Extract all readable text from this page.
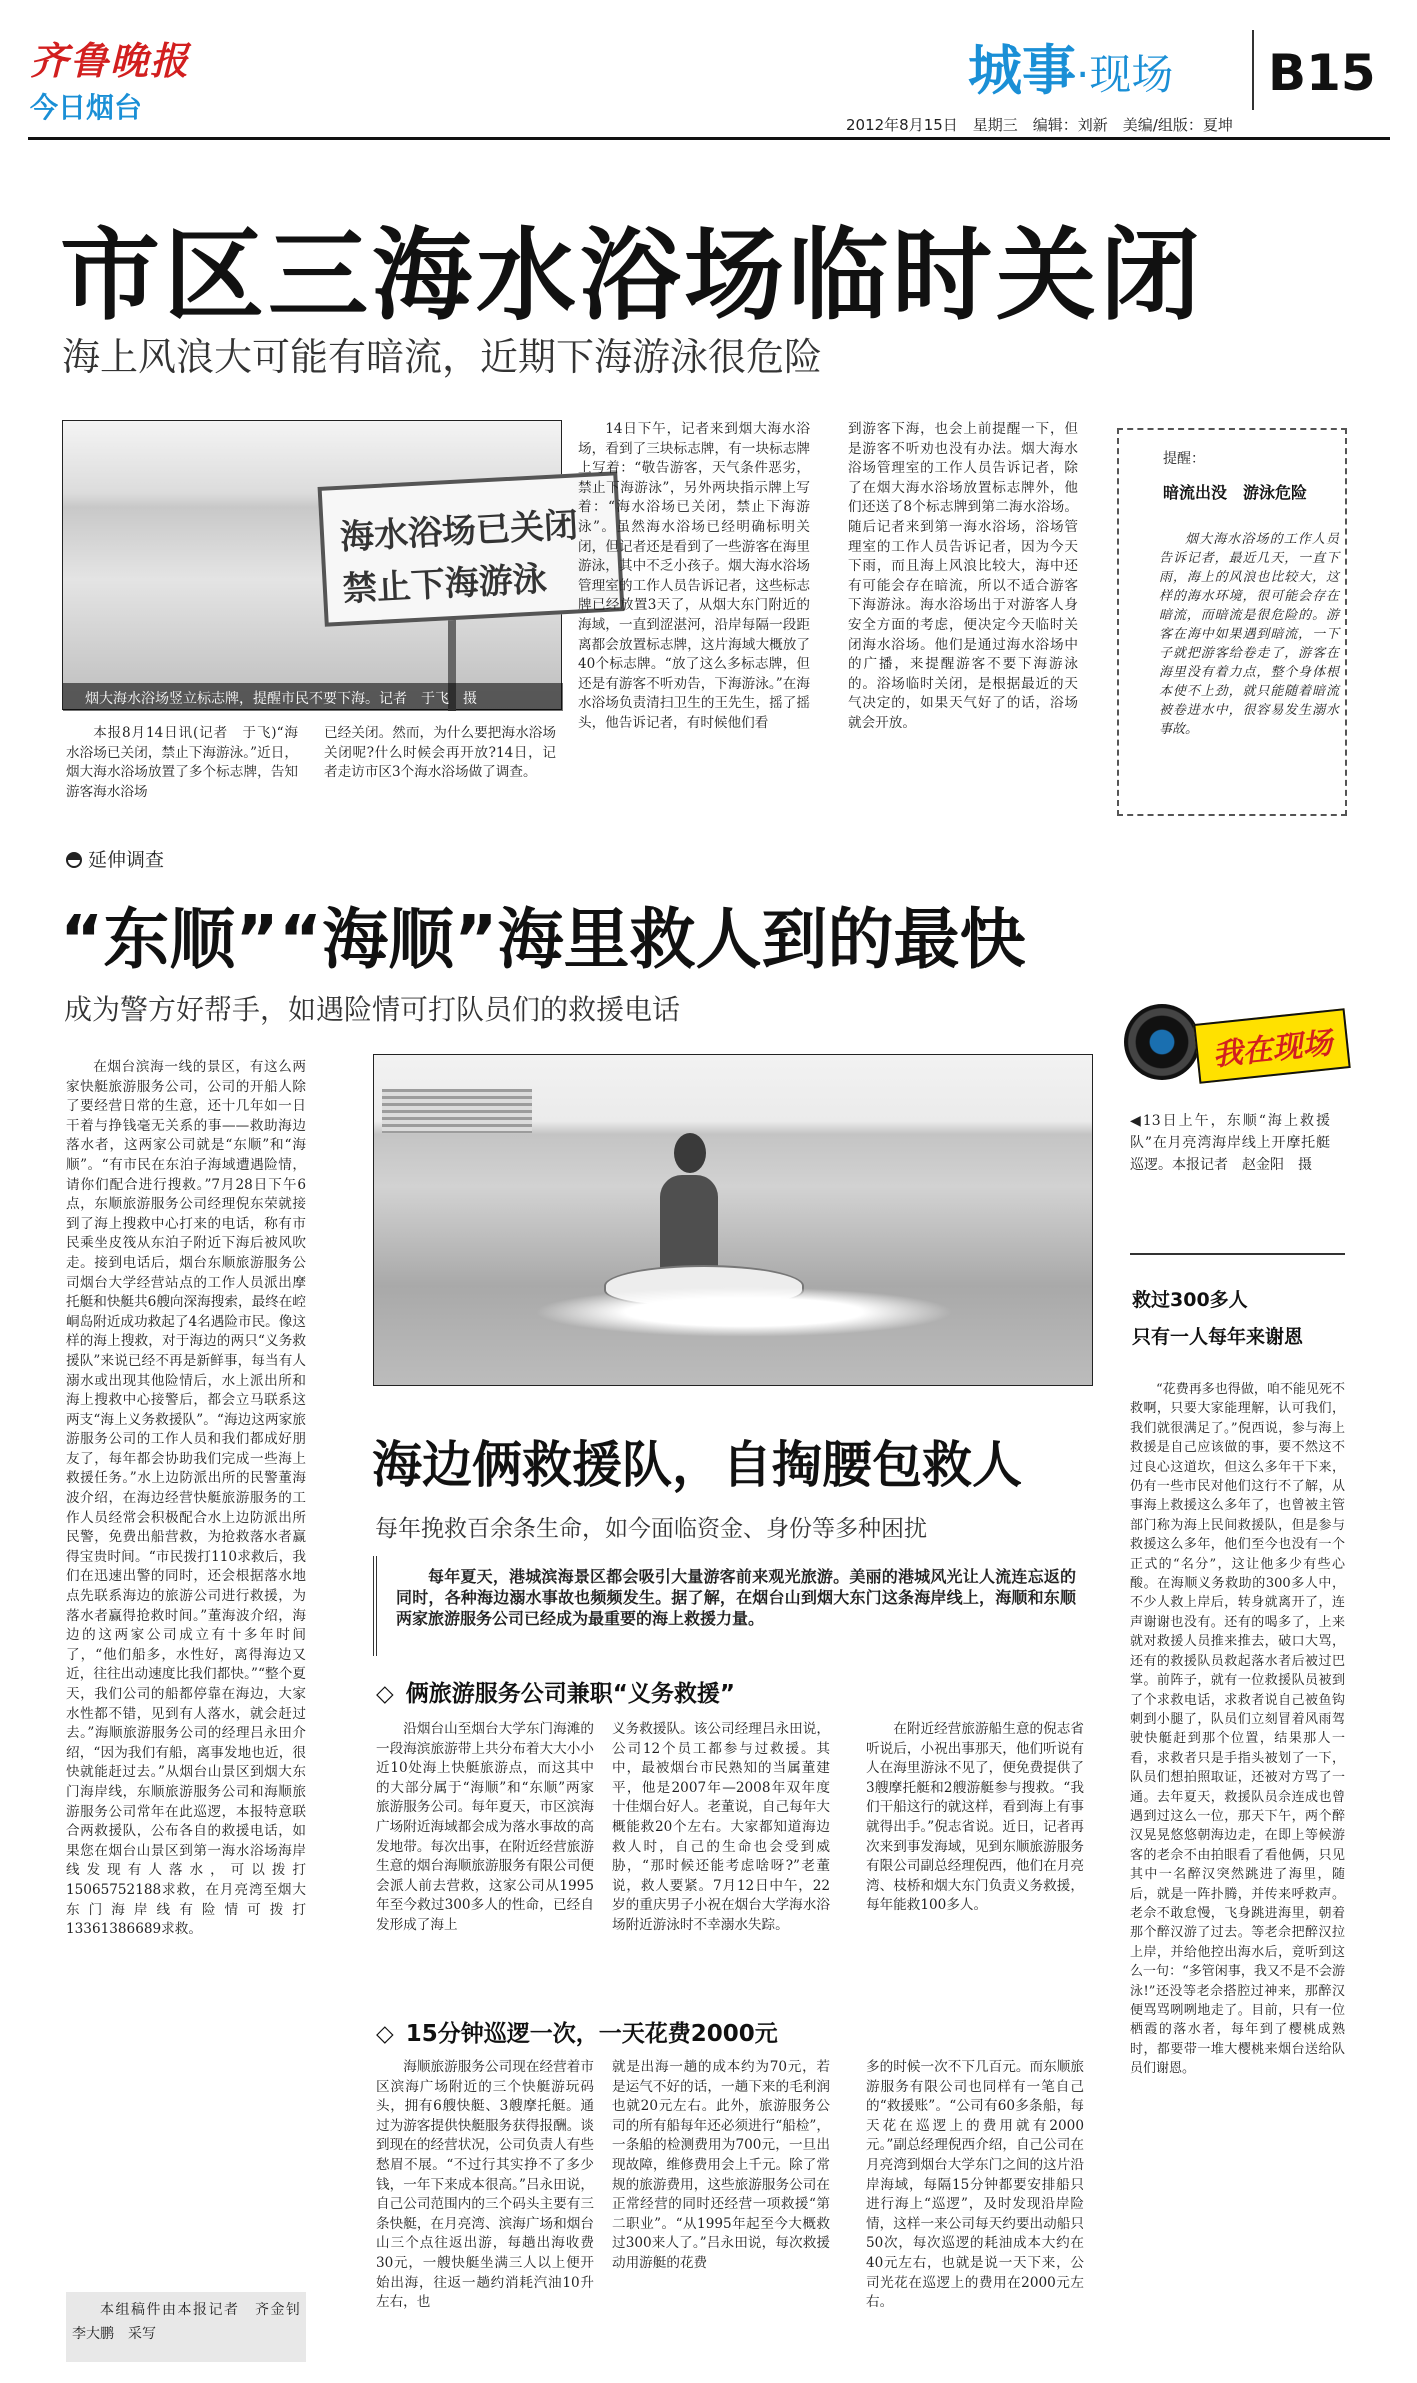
齐鲁晚报
今日烟台
城事·现场 B15
2012年8月15日　星期三　编辑：刘新　美编/组版：夏坤
市区三海水浴场临时关闭
海上风浪大可能有暗流，近期下海游泳很危险
海水浴场已关闭
禁止下海游泳
烟大海水浴场竖立标志牌，提醒市民不要下海。记者　于飞　摄

本报8月14日讯(记者　于飞)“海水浴场已关闭，禁止下海游泳。”近日，烟大海水浴场放置了多个标志牌，告知游客海水浴场

已经关闭。然而，为什么要把海水浴场关闭呢?什么时候会再开放?14日，记者走访市区3个海水浴场做了调查。

14日下午，记者来到烟大海水浴场，看到了三块标志牌，有一块标志牌上写着：“敬告游客，天气条件恶劣，禁止下海游泳”，另外两块指示牌上写着：“海水浴场已关闭，禁止下海游泳”。虽然海水浴场已经明确标明关闭，但记者还是看到了一些游客在海里游泳，其中不乏小孩子。烟大海水浴场管理室的工作人员告诉记者，这些标志牌已经放置3天了，从烟大东门附近的海域，一直到涩湛河，沿岸每隔一段距离都会放置标志牌，这片海域大概放了40个标志牌。“放了这么多标志牌，但还是有游客不听劝告，下海游泳。”在海水浴场负责清扫卫生的王先生，摇了摇头，他告诉记者，有时候他们看

到游客下海，也会上前提醒一下，但是游客不听劝也没有办法。烟大海水浴场管理室的工作人员告诉记者，除了在烟大海水浴场放置标志牌外，他们还送了8个标志牌到第二海水浴场。随后记者来到第一海水浴场，浴场管理室的工作人员告诉记者，因为今天下雨，而且海上风浪比较大，海中还有可能会存在暗流，所以不适合游客下海游泳。海水浴场出于对游客人身安全方面的考虑，便决定今天临时关闭海水浴场。他们是通过海水浴场中的广播，来提醒游客不要下海游泳的。浴场临时关闭，是根据最近的天气决定的，如果天气好了的话，浴场就会开放。

提醒：
暗流出没　游泳危险

烟大海水浴场的工作人员告诉记者，最近几天，一直下雨，海上的风浪也比较大，这样的海水环境，很可能会存在暗流，而暗流是很危险的。游客在海中如果遇到暗流，一下子就把游客给卷走了，游客在海里没有着力点，整个身体根本使不上劲，就只能随着暗流被卷进水中，很容易发生溺水事故。

延伸调查
“东顺”“海顺”海里救人到的最快
成为警方好帮手，如遇险情可打队员们的救援电话
我在现场

在烟台滨海一线的景区，有这么两家快艇旅游服务公司，公司的开船人除了要经营日常的生意，还十几年如一日干着与挣钱毫无关系的事——救助海边落水者，这两家公司就是“东顺”和“海顺”。“有市民在东泊子海域遭遇险情，请你们配合进行搜救。”7月28日下午6点，东顺旅游服务公司经理倪东荣就接到了海上搜救中心打来的电话，称有市民乘坐皮筏从东泊子附近下海后被风吹走。接到电话后，烟台东顺旅游服务公司烟台大学经营站点的工作人员派出摩托艇和快艇共6艘向深海搜索，最终在崆峒岛附近成功救起了4名遇险市民。像这样的海上搜救，对于海边的两只“义务救援队”来说已经不再是新鲜事，每当有人溺水或出现其他险情后，水上派出所和海上搜救中心接警后，都会立马联系这两支“海上义务救援队”。“海边这两家旅游服务公司的工作人员和我们都成好朋友了，每年都会协助我们完成一些海上救援任务。”水上边防派出所的民警董海波介绍，在海边经营快艇旅游服务的工作人员经常会积极配合水上边防派出所民警，免费出船营救，为抢救落水者赢得宝贵时间。“市民拨打110求救后，我们在迅速出警的同时，还会根据落水地点先联系海边的旅游公司进行救援，为落水者赢得抢救时间。”董海波介绍，海边的这两家公司成立有十多年时间了，“他们船多，水性好，离得海边又近，往往出动速度比我们都快。”“整个夏天，我们公司的船都停靠在海边，大家水性都不错，见到有人落水，就会赶过去。”海顺旅游服务公司的经理吕永田介绍，“因为我们有船，离事发地也近，很快就能赶过去。”从烟台山景区到烟大东门海岸线，东顺旅游服务公司和海顺旅游服务公司常年在此巡逻，本报特意联合两救援队，公布各自的救援电话，如果您在烟台山景区到第一海水浴场海岸线发现有人落水，可以拨打15065752188求救，在月亮湾至烟大东门海岸线有险情可拨打13361386689求救。

本组稿件由本报记者　齐金钊　李大鹏　采写

◀13日上午，东顺“海上救援队”在月亮湾海岸线上开摩托艇巡逻。本报记者　赵金阳　摄

海边俩救援队，自掏腰包救人
每年挽救百余条生命，如今面临资金、身份等多种困扰

每年夏天，港城滨海景区都会吸引大量游客前来观光旅游。美丽的港城风光让人流连忘返的同时，各种海边溺水事故也频频发生。据了解，在烟台山到烟大东门这条海岸线上，海顺和东顺两家旅游服务公司已经成为最重要的海上救援力量。

◇ 俩旅游服务公司兼职“义务救援”

沿烟台山至烟台大学东门海滩的一段海滨旅游带上共分布着大大小小近10处海上快艇旅游点，而这其中的大部分属于“海顺”和“东顺”两家旅游服务公司。每年夏天，市区滨海广场附近海域都会成为落水事故的高发地带。每次出事，在附近经营旅游生意的烟台海顺旅游服务有限公司便会派人前去营救，这家公司从1995年至今救过300多人的性命，已经自发形成了海上

义务救援队。该公司经理吕永田说，公司12个员工都参与过救援。其中，最被烟台市民熟知的当属董建平，他是2007年—2008年双年度十佳烟台好人。老董说，自己每年大概能救20个左右。大家都知道海边救人时，自己的生命也会受到威胁，“那时候还能考虑啥呀?”老董说，救人要紧。7月12日中午，22岁的重庆男子小祝在烟台大学海水浴场附近游泳时不幸溺水失踪。

在附近经营旅游船生意的倪志省听说后，小祝出事那天，他们听说有人在海里游泳不见了，便免费提供了3艘摩托艇和2艘游艇参与搜救。“我们干船这行的就这样，看到海上有事就得出手。”倪志省说。近日，记者再次来到事发海域，见到东顺旅游服务有限公司副总经理倪西，他们在月亮湾、枝桥和烟大东门负责义务救援，每年能救100多人。

◇ 15分钟巡逻一次，一天花费2000元

海顺旅游服务公司现在经营着市区滨海广场附近的三个快艇游玩码头，拥有6艘快艇、3艘摩托艇。通过为游客提供快艇服务获得报酬。谈到现在的经营状况，公司负责人有些愁眉不展。“不过行其实挣不了多少钱，一年下来成本很高。”吕永田说，自己公司范围内的三个码头主要有三条快艇，在月亮湾、滨海广场和烟台山三个点往返出游，每趟出海收费30元，一艘快艇坐满三人以上便开始出海，往返一趟约消耗汽油10升左右，也

就是出海一趟的成本约为70元，若是运气不好的话，一趟下来的毛利润也就20元左右。此外，旅游服务公司的所有船每年还必须进行“船检”，一条船的检测费用为700元，一旦出现故障，维修费用会上千元。除了常规的旅游费用，这些旅游服务公司在正常经营的同时还经营一项救援“第二职业”。“从1995年起至今大概救过300来人了。”吕永田说，每次救援动用游艇的花费

多的时候一次不下几百元。而东顺旅游服务有限公司也同样有一笔自己的“救援账”。“公司有60多条船，每天花在巡逻上的费用就有2000元。”副总经理倪西介绍，自己公司在月亮湾到烟台大学东门之间的这片沿岸海域，每隔15分钟都要安排船只进行海上“巡逻”，及时发现沿岸险情，这样一来公司每天约要出动船只50次，每次巡逻的耗油成本大约在40元左右，也就是说一天下来，公司光花在巡逻上的费用在2000元左右。

救过300多人
只有一人每年来谢恩

“花费再多也得做，咱不能见死不救啊，只要大家能理解，认可我们，我们就很满足了。”倪西说，参与海上救援是自己应该做的事，要不然这不过良心这道坎，但这么多年干下来，仍有一些市民对他们这行不了解，从事海上救援这么多年了，也曾被主管部门称为海上民间救援队，但是参与救援这么多年，他们至今也没有一个正式的“名分”，这让他多少有些心酸。在海顺义务救助的300多人中，不少人救上岸后，转身就离开了，连声谢谢也没有。还有的喝多了，上来就对救援人员推来推去，破口大骂，还有的救援队员救起落水者后被过巴掌。前阵子，就有一位救援队员被到了个求救电话，求救者说自己被鱼钩刺到小腿了，队员们立刻冒着风雨驾驶快艇赶到那个位置，结果那人一看，求救者只是手指头被划了一下，队员们想拍照取证，还被对方骂了一通。去年夏天，救援队员佘连成也曾遇到过这么一位，那天下午，两个醉汉晃晃悠悠朝海边走，在即上等候游客的老佘不由拍眼看了看他俩，只见其中一名醉汉突然跳进了海里，随后，就是一阵扑腾，并传来呼救声。老佘不敢怠慢，飞身跳进海里，朝着那个醉汉游了过去。等老佘把醉汉拉上岸，并给他控出海水后，竟听到这么一句：“多管闲事，我又不是不会游泳!”还没等老佘搭腔过神来，那醉汉便骂骂咧咧地走了。目前，只有一位栖霞的落水者，每年到了樱桃成熟时，都要带一堆大樱桃来烟台送给队员们谢恩。
